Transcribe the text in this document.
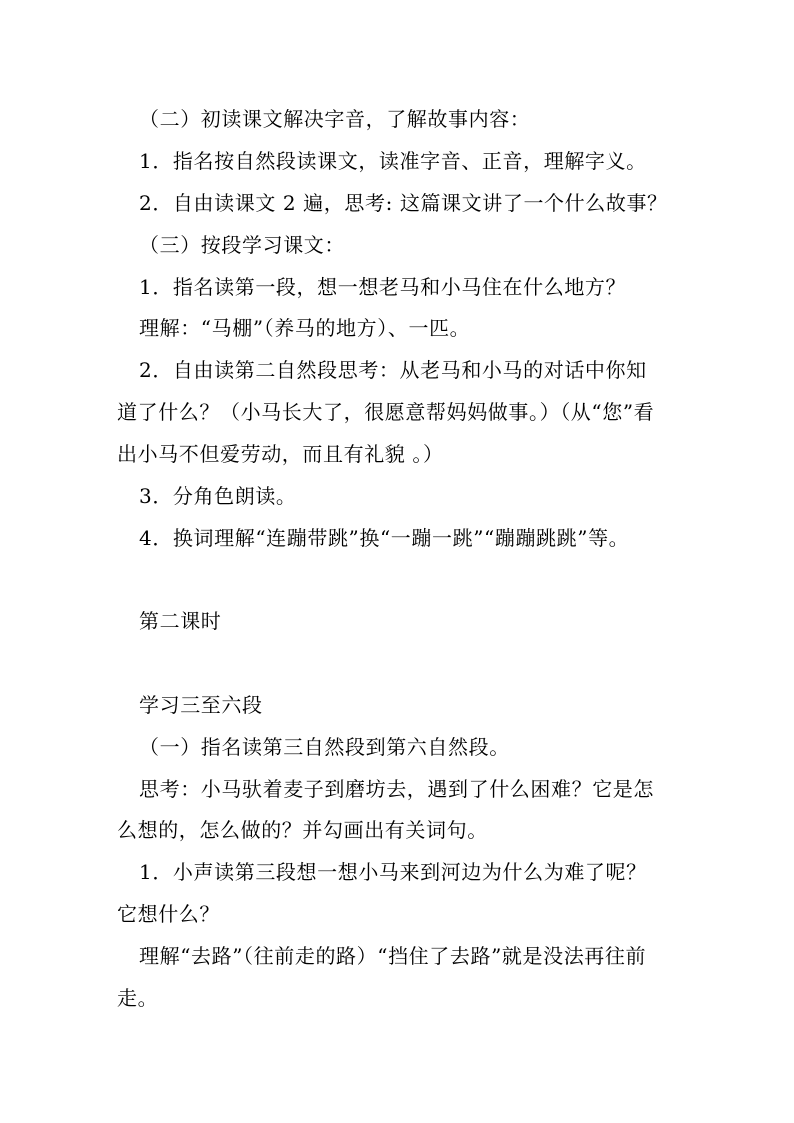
（二）初读课文解决字音，了解故事内容：
1．指名按自然段读课文，读准字音、正音，理解字义。
2．自由读课文 2 遍，思考: 这篇课文讲了一个什么故事？
（三）按段学习课文：
1．指名读第一段，想一想老马和小马住在什么地方？
理解：“马棚”（养马的地方）、一匹。
2．自由读第二自然段思考：从老马和小马的对话中你知
道了什么？（小马长大了，很愿意帮妈妈做事。）（从“您”看
出小马不但爱劳动，而且有礼貌 。）
3．分角色朗读。
4．换词理解“连蹦带跳”换“一蹦一跳”“蹦蹦跳跳”等。
第二课时
学习三至六段
（一）指名读第三自然段到第六自然段。
思考：小马驮着麦子到磨坊去，遇到了什么困难？它是怎
么想的，怎么做的？并勾画出有关词句。
1．小声读第三段想一想小马来到河边为什么为难了呢？
它想什么？
理解“去路”（往前走的路）“挡住了去路”就是没法再往前
走。
